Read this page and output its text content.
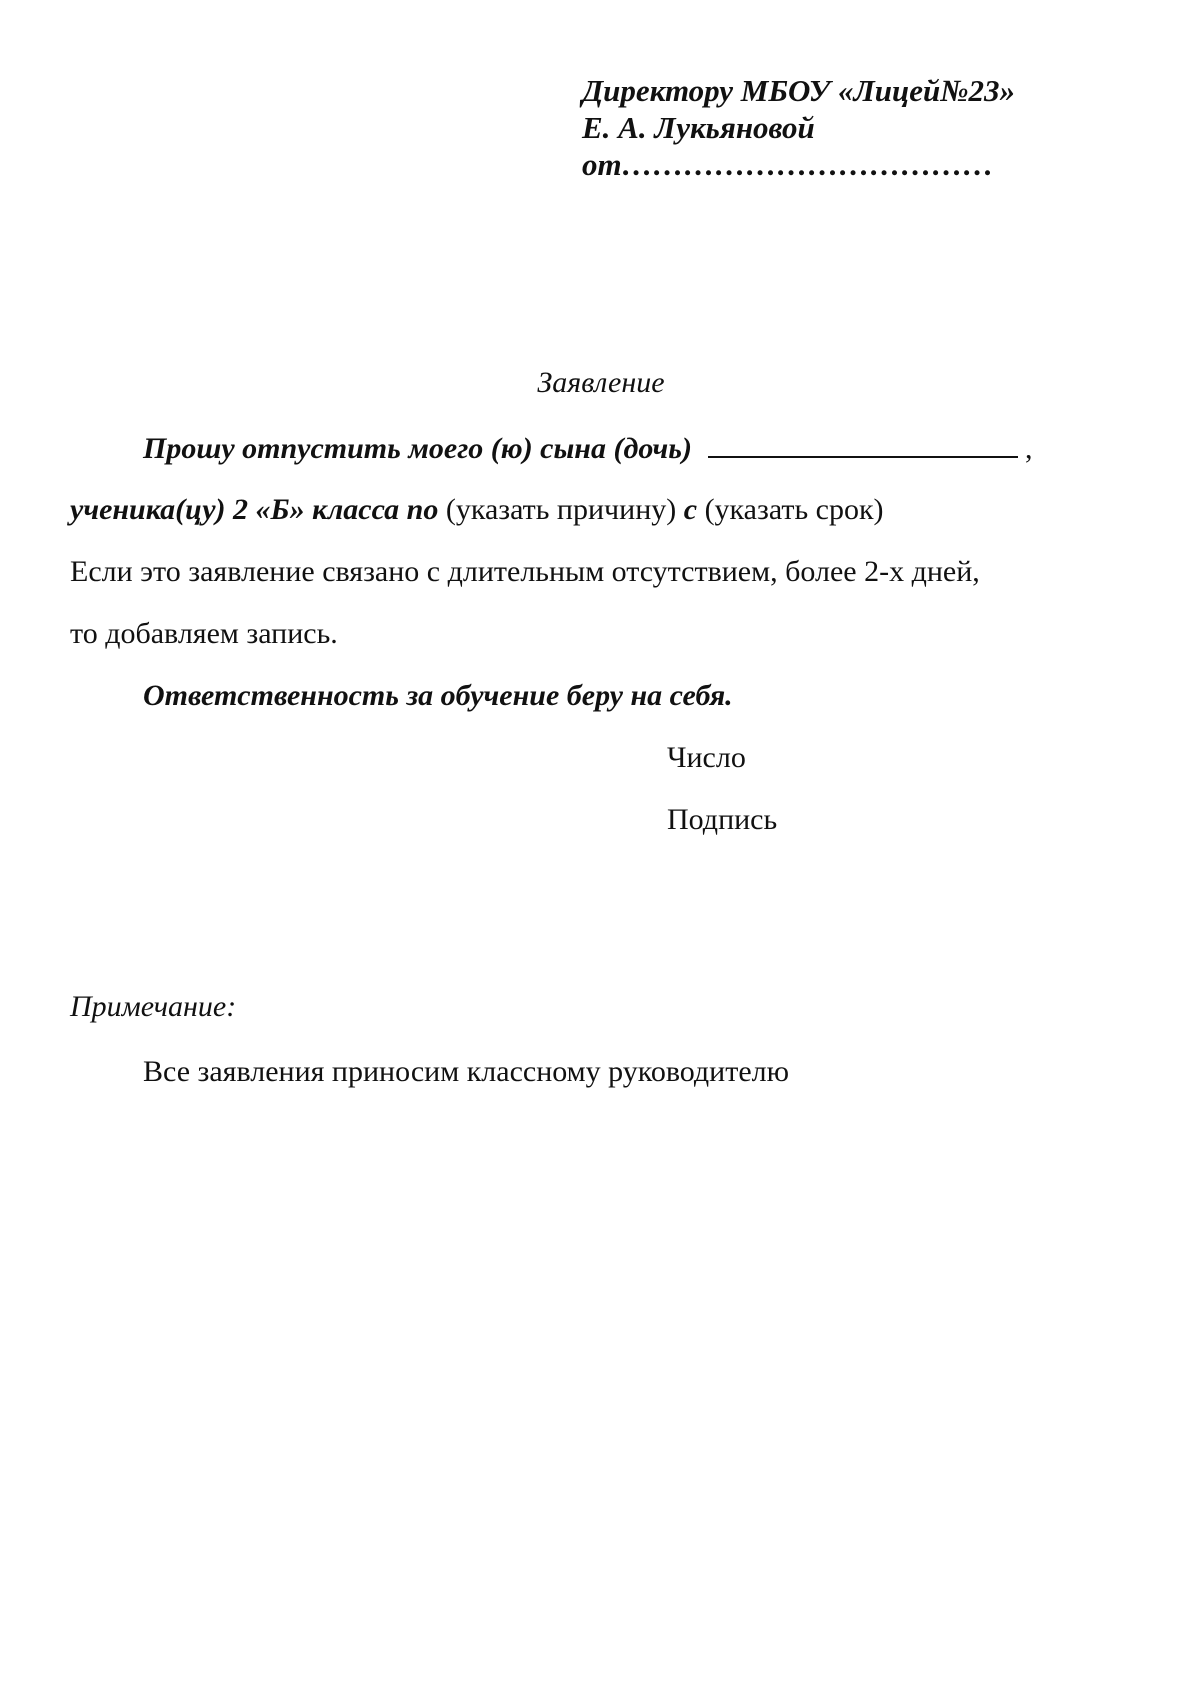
Директору МБОУ «Лицей№23»
Е. А. Лукьяновой
от………………………………
Заявление
Прошу отпустить моего (ю) сына (дочь)	,
ученика(цу) 2 «Б» класса по (указать причину) с (указать срок)
Если это заявление связано с длительным отсутствием, более 2-х дней,
то добавляем запись.
Ответственность за обучение беру на себя.
Число
Подпись
Примечание:
Все заявления приносим классному руководителю
